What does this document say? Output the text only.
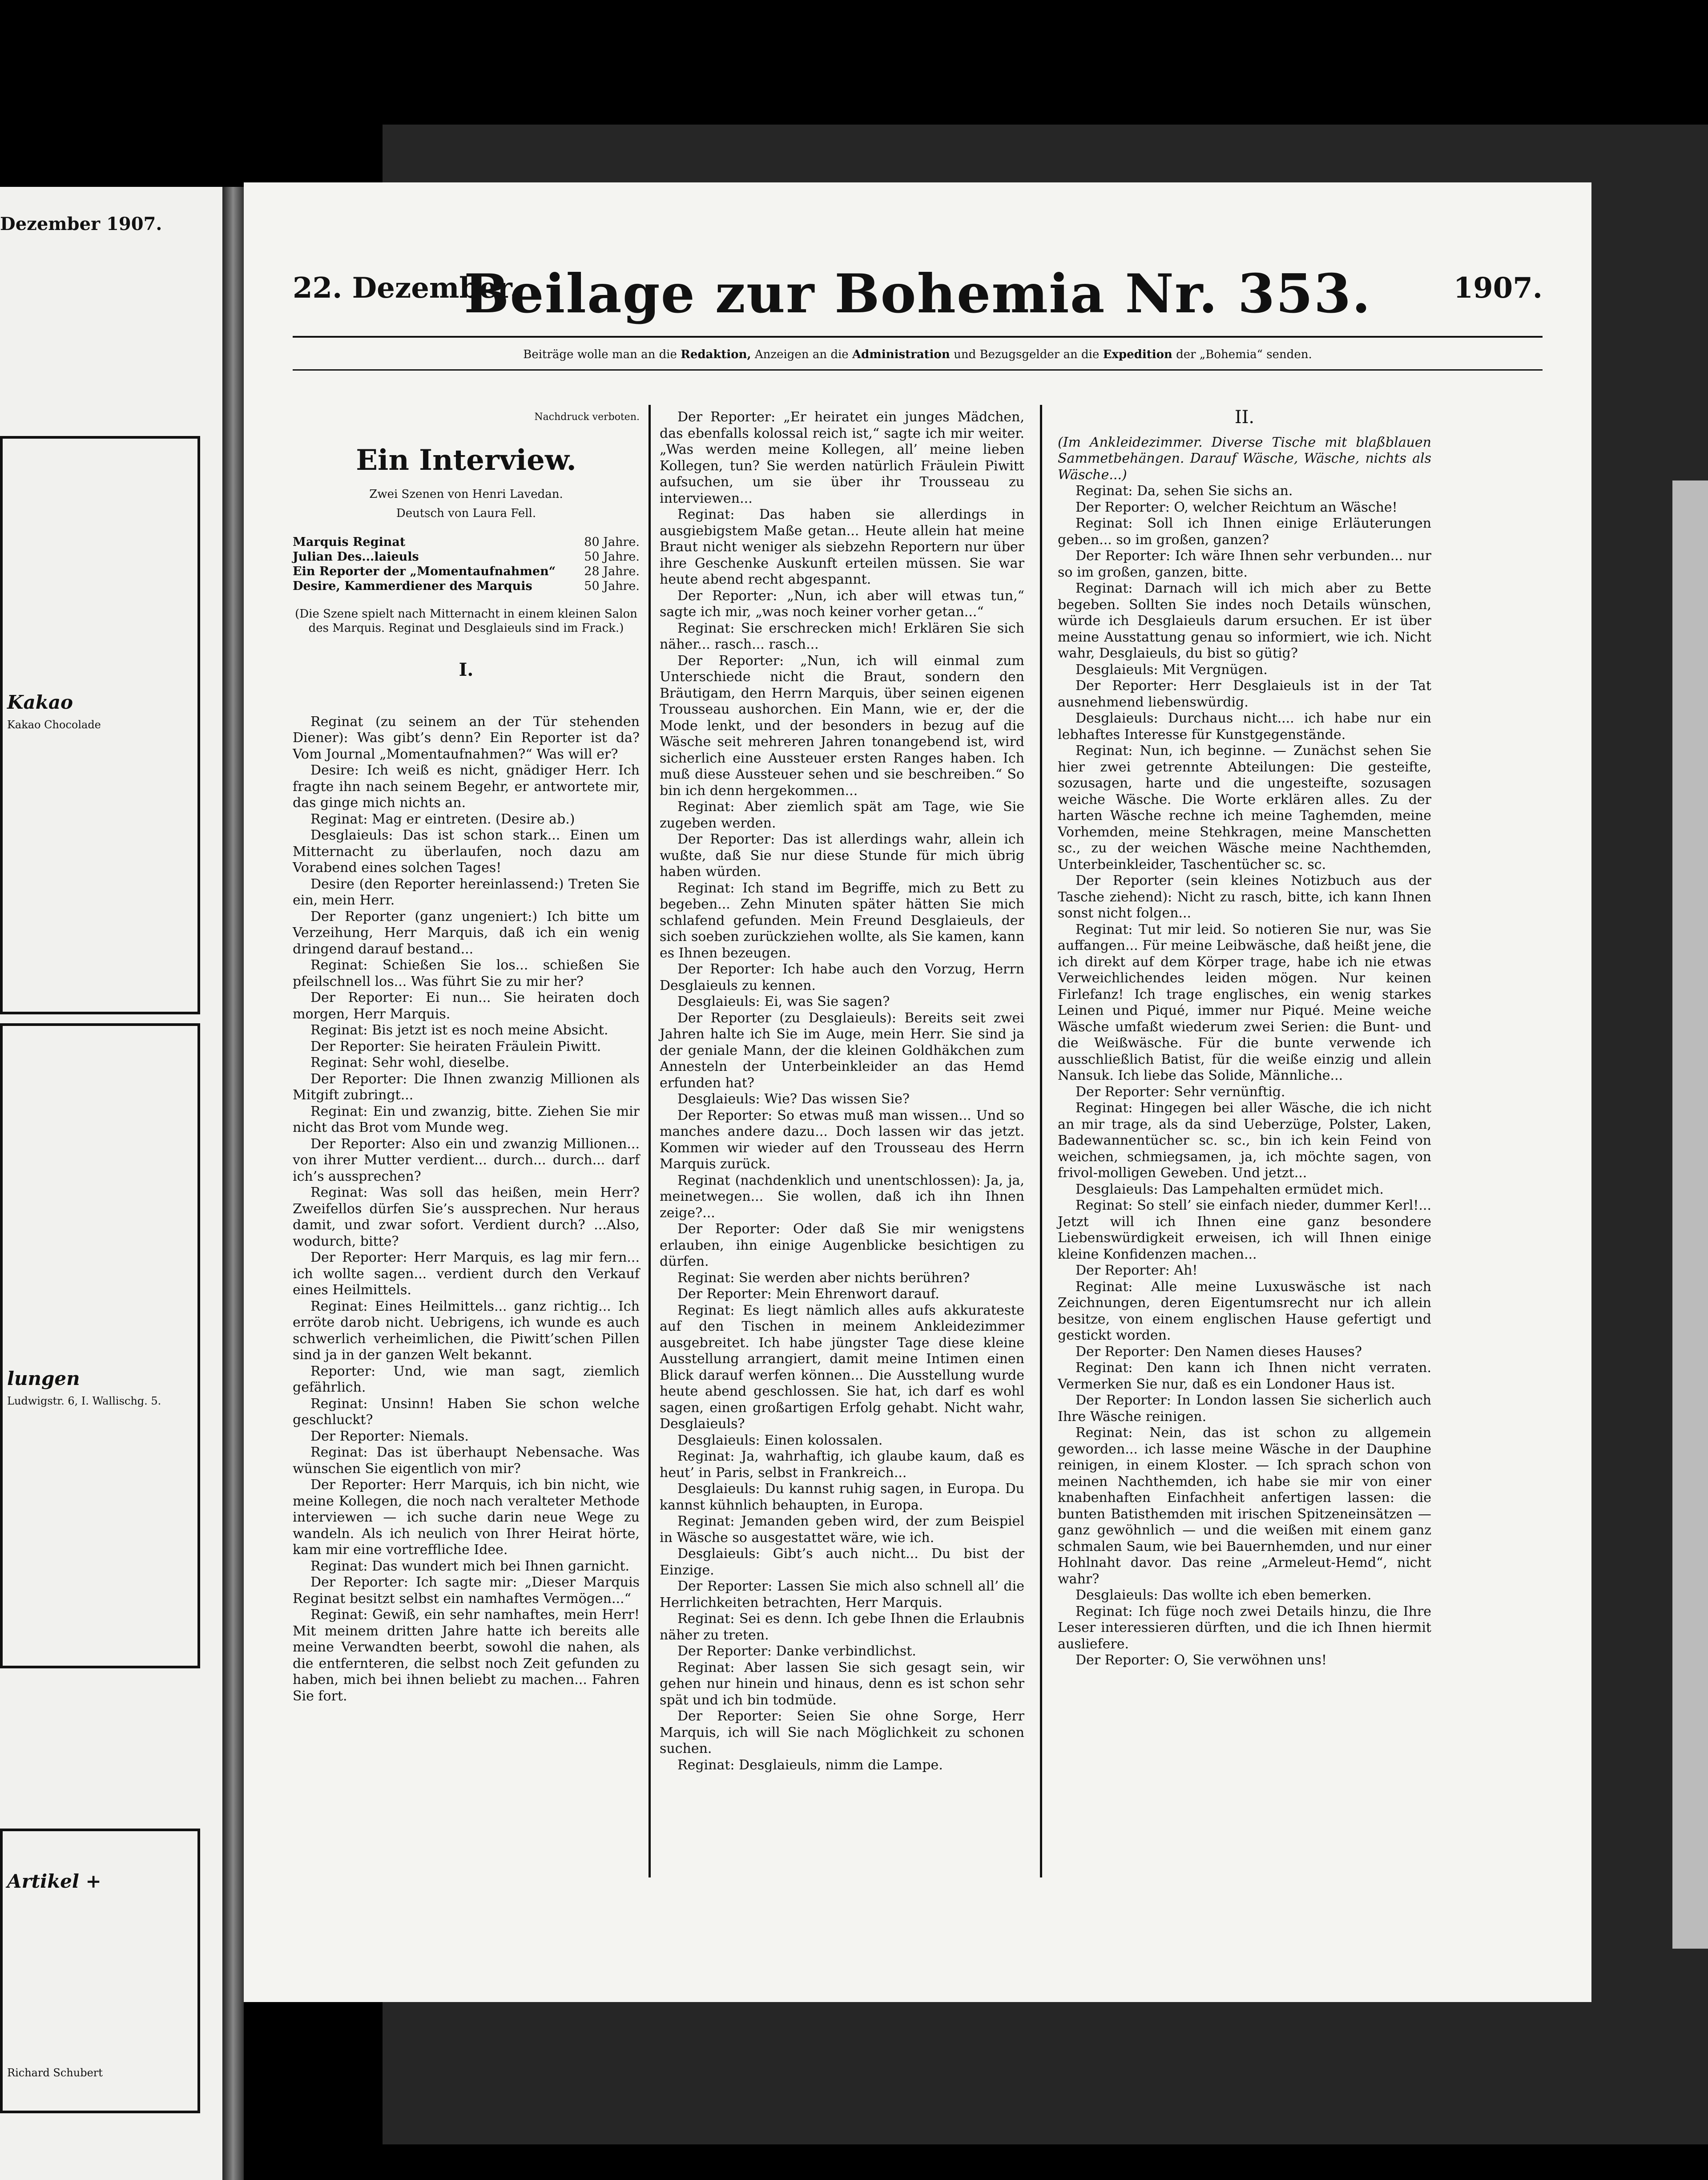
Dezember 1907.
Kakao
Kakao Chocolade
lungen
Ludwigstr. 6, I. Wallischg. 5.
Artikel +
Richard Schubert
22. Dezember.
Beilage zur Bohemia Nr. 353.	1907.
Beiträge wolle man an die Redaktion, Anzeigen an die Administration und Bezugsgelder an die Expedition der „Bohemia“ senden.
Nachdruck verboten.
Ein Interview.
Zwei Szenen von Henri Lavedan.
Deutsch von Laura Fell.
Marquis Reginat	80 Jahre.
Julian Des...laieuls	50 Jahre.
Ein Reporter der „Momentaufnahmen“ 28 Jahre.
Desire, Kammerdiener des Marquis	50 Jahre.
(Die Szene spielt nach Mitternacht in einem kleinen Salon des Marquis. Reginat und Desglaieuls sind im Frack.)
I.

Reginat (zu seinem an der Tür stehenden Diener): Was gibt’s denn? Ein Reporter ist da? Vom Journal „Momentaufnahmen?“ Was will er?

Desire: Ich weiß es nicht, gnädiger Herr. Ich fragte ihn nach seinem Begehr, er antwortete mir, das ginge mich nichts an.

Reginat: Mag er eintreten. (Desire ab.)

Desglaieuls: Das ist schon stark... Einen um Mitternacht zu überlaufen, noch dazu am Vorabend eines solchen Tages!

Desire (den Reporter hereinlassend:) Treten Sie ein, mein Herr.

Der Reporter (ganz ungeniert:) Ich bitte um Verzeihung, Herr Marquis, daß ich ein wenig dringend darauf bestand...

Reginat: Schießen Sie los... schießen Sie pfeilschnell los... Was führt Sie zu mir her?

Der Reporter: Ei nun... Sie heiraten doch morgen, Herr Marquis.

Reginat: Bis jetzt ist es noch meine Absicht.

Der Reporter: Sie heiraten Fräulein Piwitt.

Reginat: Sehr wohl, dieselbe.

Der Reporter: Die Ihnen zwanzig Millionen als Mitgift zubringt...

Reginat: Ein und zwanzig, bitte. Ziehen Sie mir nicht das Brot vom Munde weg.

Der Reporter: Also ein und zwanzig Millionen... von ihrer Mutter verdient... durch... durch... darf ich’s aussprechen?

Reginat: Was soll das heißen, mein Herr? Zweifellos dürfen Sie’s aussprechen. Nur heraus damit, und zwar sofort. Verdient durch? ...Also, wodurch, bitte?

Der Reporter: Herr Marquis, es lag mir fern... ich wollte sagen... verdient durch den Verkauf eines Heilmittels.

Reginat: Eines Heilmittels... ganz richtig... Ich erröte darob nicht. Uebrigens, ich wunde es auch schwerlich verheimlichen, die Piwitt’schen Pillen sind ja in der ganzen Welt bekannt.

Reporter: Und, wie man sagt, ziemlich gefährlich.

Reginat: Unsinn! Haben Sie schon welche geschluckt?

Der Reporter: Niemals.

Reginat: Das ist überhaupt Nebensache. Was wünschen Sie eigentlich von mir?

Der Reporter: Herr Marquis, ich bin nicht, wie meine Kollegen, die noch nach veralteter Methode interviewen — ich suche darin neue Wege zu wandeln. Als ich neulich von Ihrer Heirat hörte, kam mir eine vortreffliche Idee.

Reginat: Das wundert mich bei Ihnen garnicht.

Der Reporter: Ich sagte mir: „Dieser Marquis Reginat besitzt selbst ein namhaftes Vermögen...“

Reginat: Gewiß, ein sehr namhaftes, mein Herr! Mit meinem dritten Jahre hatte ich bereits alle meine Verwandten beerbt, sowohl die nahen, als die entfernteren, die selbst noch Zeit gefunden zu haben, mich bei ihnen beliebt zu machen... Fahren Sie fort.

Der Reporter: „Er heiratet ein junges Mädchen, das ebenfalls kolossal reich ist,“ sagte ich mir weiter. „Was werden meine Kollegen, all’ meine lieben Kollegen, tun? Sie werden natürlich Fräulein Piwitt aufsuchen, um sie über ihr Trousseau zu interviewen...

Reginat: Das haben sie allerdings in ausgiebigstem Maße getan... Heute allein hat meine Braut nicht weniger als siebzehn Reportern nur über ihre Geschenke Auskunft erteilen müssen. Sie war heute abend recht abgespannt.

Der Reporter: „Nun, ich aber will etwas tun,“ sagte ich mir, „was noch keiner vorher getan...“

Reginat: Sie erschrecken mich! Erklären Sie sich näher... rasch... rasch...

Der Reporter: „Nun, ich will einmal zum Unterschiede nicht die Braut, sondern den Bräutigam, den Herrn Marquis, über seinen eigenen Trousseau aushorchen. Ein Mann, wie er, der die Mode lenkt, und der besonders in bezug auf die Wäsche seit mehreren Jahren tonangebend ist, wird sicherlich eine Aussteuer ersten Ranges haben. Ich muß diese Aussteuer sehen und sie beschreiben.“ So bin ich denn hergekommen...

Reginat: Aber ziemlich spät am Tage, wie Sie zugeben werden.

Der Reporter: Das ist allerdings wahr, allein ich wußte, daß Sie nur diese Stunde für mich übrig haben würden.

Reginat: Ich stand im Begriffe, mich zu Bett zu begeben... Zehn Minuten später hätten Sie mich schlafend gefunden. Mein Freund Desglaieuls, der sich soeben zurückziehen wollte, als Sie kamen, kann es Ihnen bezeugen.

Der Reporter: Ich habe auch den Vorzug, Herrn Desglaieuls zu kennen.

Desglaieuls: Ei, was Sie sagen?

Der Reporter (zu Desglaieuls): Bereits seit zwei Jahren halte ich Sie im Auge, mein Herr. Sie sind ja der geniale Mann, der die kleinen Goldhäkchen zum Annesteln der Unterbeinkleider an das Hemd erfunden hat?

Desglaieuls: Wie? Das wissen Sie?

Der Reporter: So etwas muß man wissen... Und so manches andere dazu... Doch lassen wir das jetzt. Kommen wir wieder auf den Trousseau des Herrn Marquis zurück.

Reginat (nachdenklich und unentschlossen): Ja, ja, meinetwegen... Sie wollen, daß ich ihn Ihnen zeige?...

Der Reporter: Oder daß Sie mir wenigstens erlauben, ihn einige Augenblicke besichtigen zu dürfen.

Reginat: Sie werden aber nichts berühren?

Der Reporter: Mein Ehrenwort darauf.

Reginat: Es liegt nämlich alles aufs akkurateste auf den Tischen in meinem Ankleidezimmer ausgebreitet. Ich habe jüngster Tage diese kleine Ausstellung arrangiert, damit meine Intimen einen Blick darauf werfen können... Die Ausstellung wurde heute abend geschlossen. Sie hat, ich darf es wohl sagen, einen großartigen Erfolg gehabt. Nicht wahr, Desglaieuls?

Desglaieuls: Einen kolossalen.

Reginat: Ja, wahrhaftig, ich glaube kaum, daß es heut’ in Paris, selbst in Frankreich...

Desglaieuls: Du kannst ruhig sagen, in Europa. Du kannst kühnlich behaupten, in Europa.

Reginat: Jemanden geben wird, der zum Beispiel in Wäsche so ausgestattet wäre, wie ich.

Desglaieuls: Gibt’s auch nicht... Du bist der Einzige.

Der Reporter: Lassen Sie mich also schnell all’ die Herrlichkeiten betrachten, Herr Marquis.

Reginat: Sei es denn. Ich gebe Ihnen die Erlaubnis näher zu treten.

Der Reporter: Danke verbindlichst.

Reginat: Aber lassen Sie sich gesagt sein, wir gehen nur hinein und hinaus, denn es ist schon sehr spät und ich bin todmüde.

Der Reporter: Seien Sie ohne Sorge, Herr Marquis, ich will Sie nach Möglichkeit zu schonen suchen.

Reginat: Desglaieuls, nimm die Lampe.

II.
(Im Ankleidezimmer. Diverse Tische mit blaßblauen Sammetbehängen. Darauf Wäsche, Wäsche, nichts als Wäsche...)

Reginat: Da, sehen Sie sichs an.

Der Reporter: O, welcher Reichtum an Wäsche!

Reginat: Soll ich Ihnen einige Erläuterungen geben... so im großen, ganzen?

Der Reporter: Ich wäre Ihnen sehr verbunden... nur so im großen, ganzen, bitte.

Reginat: Darnach will ich mich aber zu Bette begeben. Sollten Sie indes noch Details wünschen, würde ich Desglaieuls darum ersuchen. Er ist über meine Ausstattung genau so informiert, wie ich. Nicht wahr, Desglaieuls, du bist so gütig?

Desglaieuls: Mit Vergnügen.

Der Reporter: Herr Desglaieuls ist in der Tat ausnehmend liebenswürdig.

Desglaieuls: Durchaus nicht.... ich habe nur ein lebhaftes Interesse für Kunstgegenstände.

Reginat: Nun, ich beginne. — Zunächst sehen Sie hier zwei getrennte Abteilungen: Die gesteifte, sozusagen, harte und die ungesteifte, sozusagen weiche Wäsche. Die Worte erklären alles. Zu der harten Wäsche rechne ich meine Taghemden, meine Vorhemden, meine Stehkragen, meine Manschetten sc., zu der weichen Wäsche meine Nachthemden, Unterbeinkleider, Taschentücher sc. sc.

Der Reporter (sein kleines Notizbuch aus der Tasche ziehend): Nicht zu rasch, bitte, ich kann Ihnen sonst nicht folgen...

Reginat: Tut mir leid. So notieren Sie nur, was Sie auffangen... Für meine Leibwäsche, daß heißt jene, die ich direkt auf dem Körper trage, habe ich nie etwas Verweichlichendes leiden mögen. Nur keinen Firlefanz! Ich trage englisches, ein wenig starkes Leinen und Piqué, immer nur Piqué. Meine weiche Wäsche umfaßt wiederum zwei Serien: die Bunt- und die Weißwäsche. Für die bunte verwende ich ausschließlich Batist, für die weiße einzig und allein Nansuk. Ich liebe das Solide, Männliche...

Der Reporter: Sehr vernünftig.

Reginat: Hingegen bei aller Wäsche, die ich nicht an mir trage, als da sind Ueberzüge, Polster, Laken, Badewannentücher sc. sc., bin ich kein Feind von weichen, schmiegsamen, ja, ich möchte sagen, von frivol-molligen Geweben. Und jetzt...

Desglaieuls: Das Lampehalten ermüdet mich.

Reginat: So stell’ sie einfach nieder, dummer Kerl!... Jetzt will ich Ihnen eine ganz besondere Liebenswürdigkeit erweisen, ich will Ihnen einige kleine Konfidenzen machen...

Der Reporter: Ah!

Reginat: Alle meine Luxuswäsche ist nach Zeichnungen, deren Eigentumsrecht nur ich allein besitze, von einem englischen Hause gefertigt und gestickt worden.

Der Reporter: Den Namen dieses Hauses?

Reginat: Den kann ich Ihnen nicht verraten. Vermerken Sie nur, daß es ein Londoner Haus ist.

Der Reporter: In London lassen Sie sicherlich auch Ihre Wäsche reinigen.

Reginat: Nein, das ist schon zu allgemein geworden... ich lasse meine Wäsche in der Dauphine reinigen, in einem Kloster. — Ich sprach schon von meinen Nachthemden, ich habe sie mir von einer knabenhaften Einfachheit anfertigen lassen: die bunten Batisthemden mit irischen Spitzeneinsätzen — ganz gewöhnlich — und die weißen mit einem ganz schmalen Saum, wie bei Bauernhemden, und nur einer Hohlnaht davor. Das reine „Armeleut-Hemd“, nicht wahr?

Desglaieuls: Das wollte ich eben bemerken.

Reginat: Ich füge noch zwei Details hinzu, die Ihre Leser interessieren dürften, und die ich Ihnen hiermit ausliefere.

Der Reporter: O, Sie verwöhnen uns!
